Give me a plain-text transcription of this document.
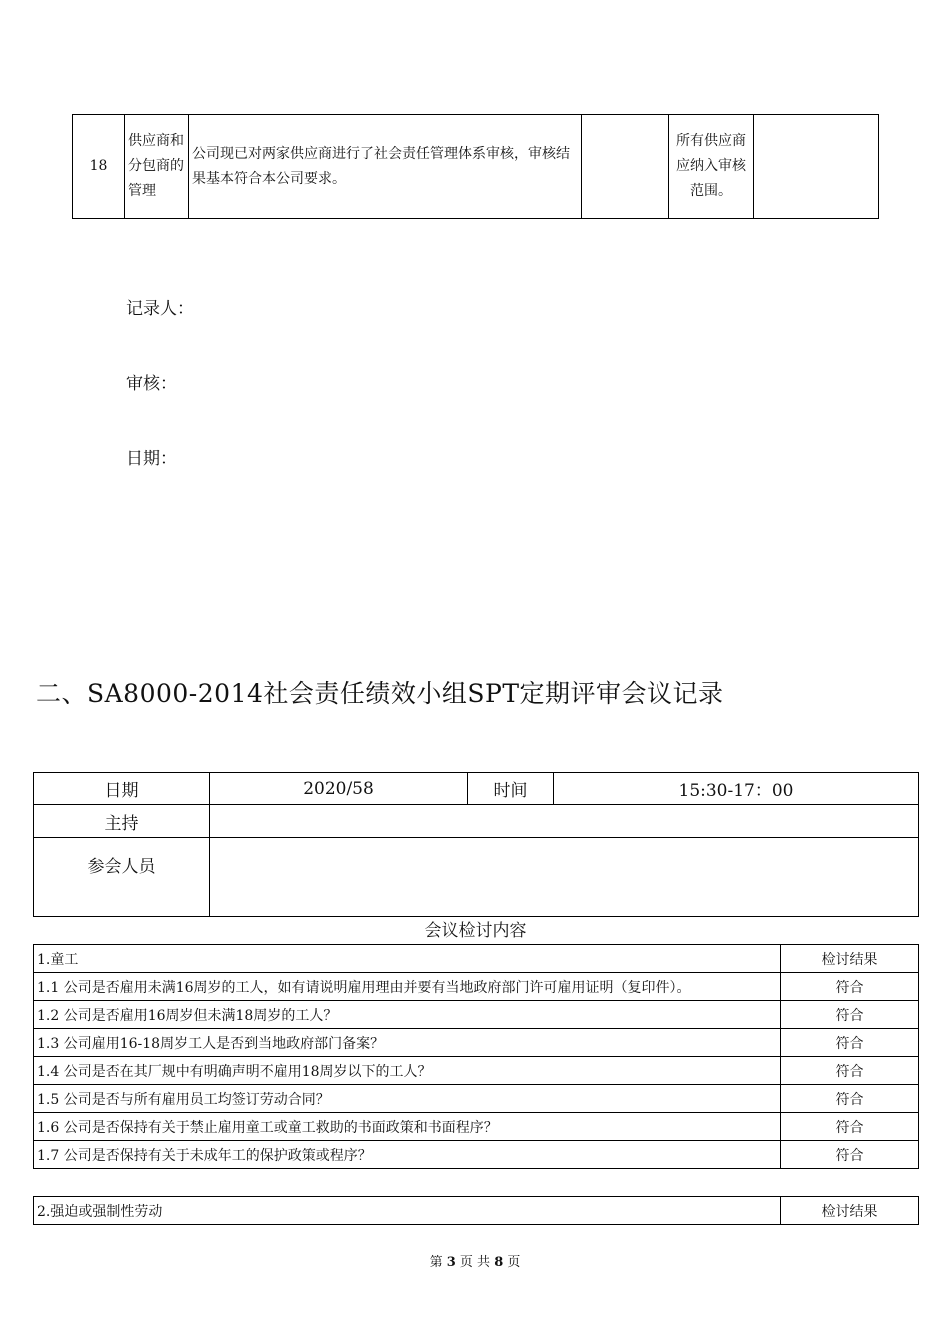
18	供应商和分包商的管理	公司现已对两家供应商进行了社会责任管理体系审核，审核结果基本符合本公司要求。		所有供应商应纳入审核范围。	
记录人：
审核：
日期：
二、SA8000-2014社会责任绩效小组SPT定期评审会议记录
日期	2020/58	时间	15:30-17：00
主持			
参会人员			
会议检讨内容
1.童工	检讨结果
1.1 公司是否雇用未满16周岁的工人，如有请说明雇用理由并要有当地政府部门许可雇用证明（复印件）。	符合
1.2 公司是否雇用16周岁但未满18周岁的工人？	符合
1.3 公司雇用16-18周岁工人是否到当地政府部门备案？	符合
1.4 公司是否在其厂规中有明确声明不雇用18周岁以下的工人？	符合
1.5 公司是否与所有雇用员工均签订劳动合同？	符合
1.6 公司是否保持有关于禁止雇用童工或童工救助的书面政策和书面程序？	符合
1.7 公司是否保持有关于未成年工的保护政策或程序？	符合
2.强迫或强制性劳动	检讨结果
第 3 页 共 8 页
